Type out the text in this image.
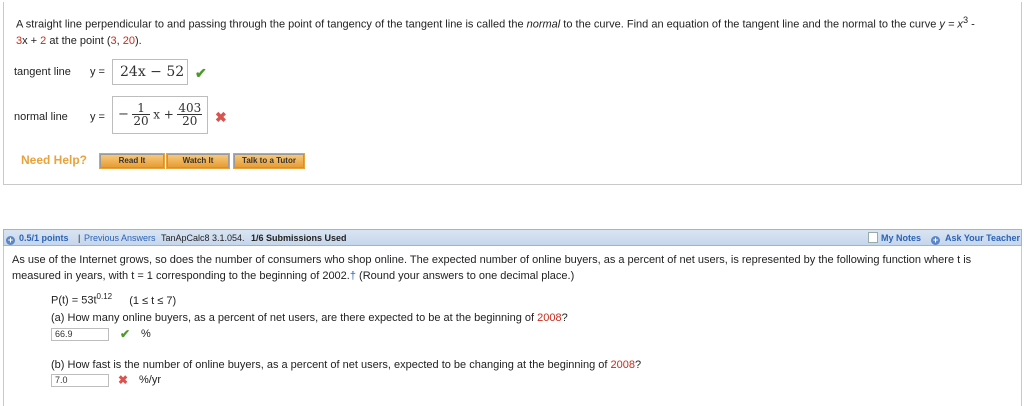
A straight line perpendicular to and passing through the point of tangency of the tangent line is called the normal to the curve. Find an equation of the tangent line and the normal to the curve $y = x^3$ -
3x + 2 at the point (3, 20).
tangent line y =	24x − 52 ✔
normal line y =	− $\frac{1}{20}$ $x + \frac{403}{20}$ ✖
Need Help?	Read It	Watch It	Talk to a Tutor
+ 0.5/1 points | Previous Answers TanApCalc8 3.1.054. 1/6 Submissions Used	My Notes + Ask Your Teacher
As use of the Internet grows, so does the number of consumers who shop online. The expected number of online buyers, as a percent of net users, is represented by the following function where t is
measured in years, with t = 1 corresponding to the beginning of 2002.† (Round your answers to one decimal place.)
$P(t) = 53t^{0.12}$ (1 ≤ t ≤ 7)
(a) How many online buyers, as a percent of net users, are there expected to be at the beginning of 2008?
66.9	✔ %
(b) How fast is the number of online buyers, as a percent of net users, expected to be changing at the beginning of 2008?
7.0	✖ %/yr
